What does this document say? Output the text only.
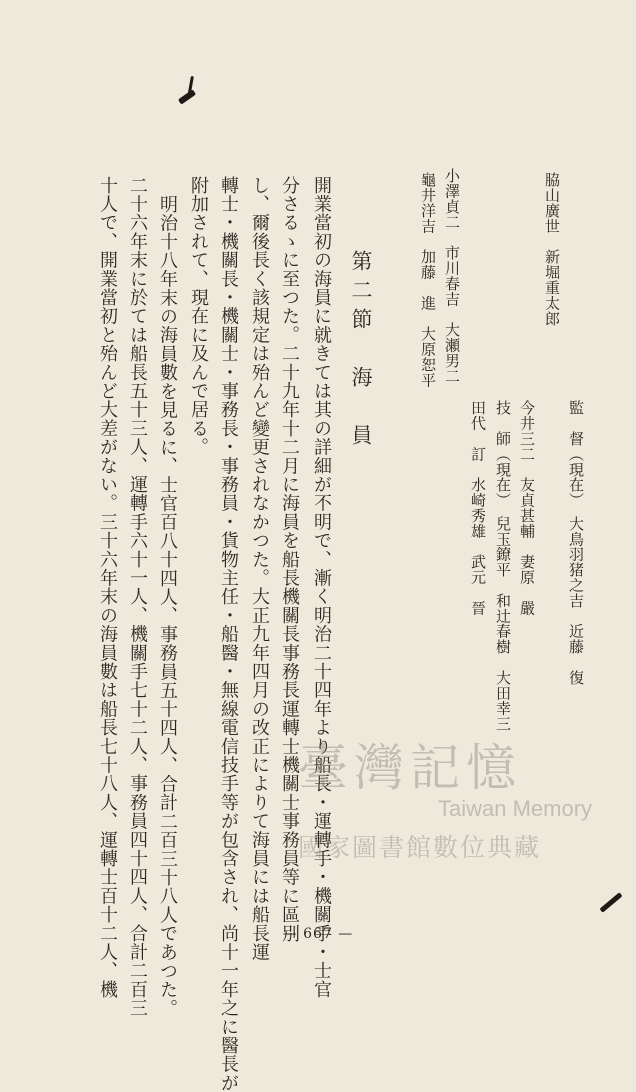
監　督（現在）　大鳥羽猪之吉　近藤　復
今井三二　友貞甚輔　妻原　嚴
脇山廣世　新堀重太郎
技　師（現在）　兒玉鐐平　和辻春樹　大田幸三
田代　訂　水崎秀雄　武元　晉
小澤貞二　市川春吉　大瀬男二
龜井洋吉　加藤　進　大原恕平
第二節　海　員
開業當初の海員に就きては其の詳細が不明で、漸く明治二十四年より船長・運轉手・機關手・士官
分さるゝに至つた。二十九年十二月に海員を船長機關長事務長運轉士機關士事務員等に區別
し、爾後長く該規定は殆んど變更されなかつた。大正九年四月の改正によりて海員には船長運
轉士・機關長・機關士・事務長・事務員・貨物主任・船醫・無線電信技手等が包含され、尚十一年之に醫長が
附加されて、現在に及んで居る。
明治十八年末の海員數を見るに、士官百八十四人、事務員五十四人、合計二百三十八人であつた。
二十六年末に於ては船長五十三人、運轉手六十一人、機關手七十二人、事務員四十四人、合計二百三
十人で、開業當初と殆んど大差がない。三十六年末の海員數は船長七十八人、運轉士百十二人、機	臺灣記憶
Taiwan Memory
國家圖書館數位典藏
— 667 —
